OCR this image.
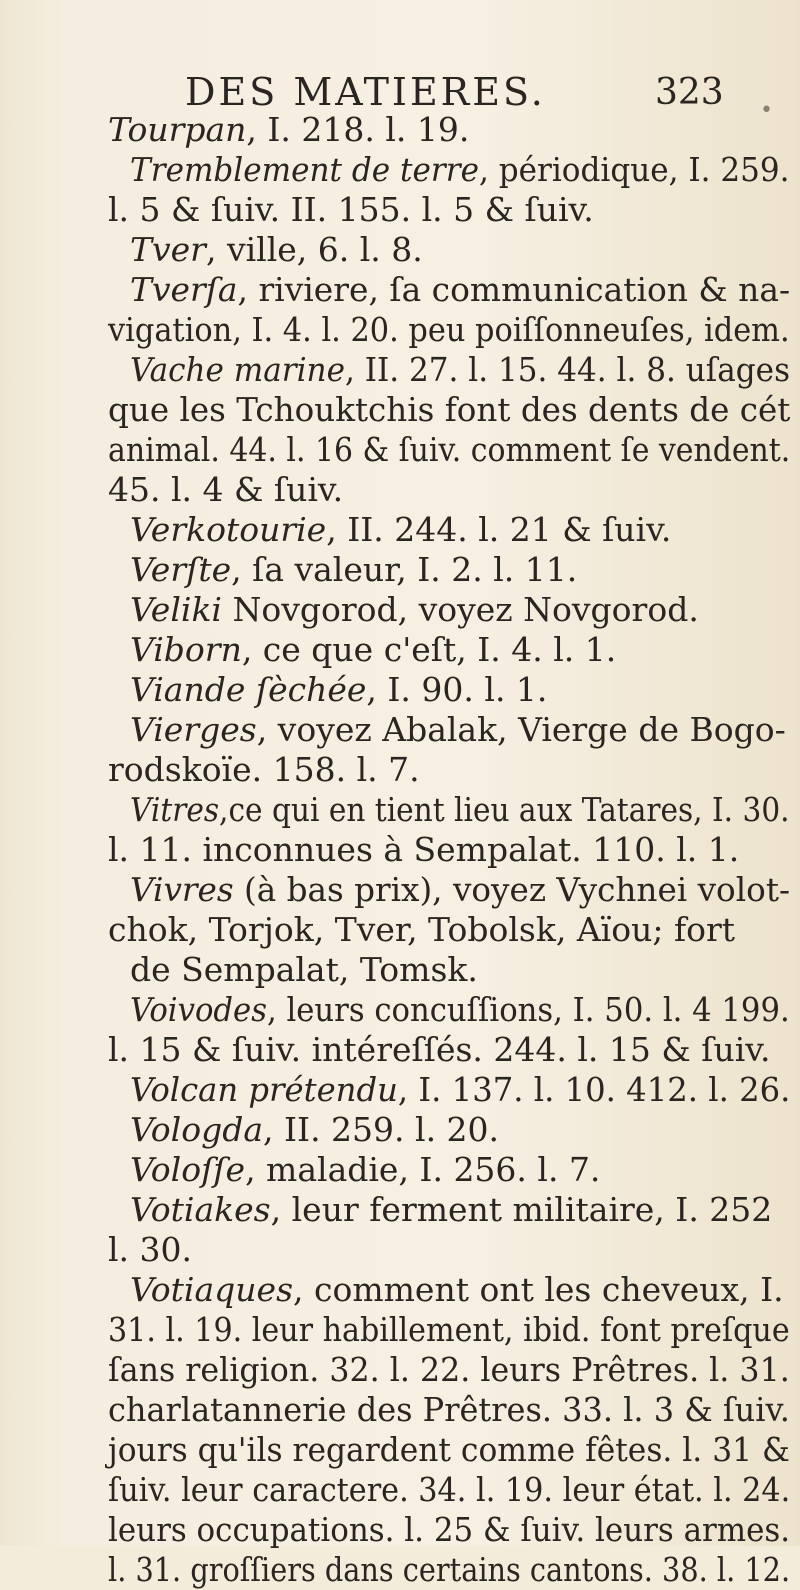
DES MATIERES.	323 •
Tourpan, I. 218. l. 19.
Tremblement de terre, périodique, I. 259.
l. 5 & ſuiv. II. 155. l. 5 & ſuiv.
Tver, ville, 6. l. 8.
Tverſa, riviere, ſa communication & na-
vigation, I. 4. l. 20. peu poiſſonneuſes, idem.
Vache marine, II. 27. l. 15. 44. l. 8. uſages
que les Tchouktchis font des dents de cét
animal. 44. l. 16 & ſuiv. comment ſe vendent.
45. l. 4 & ſuiv.
Verkotourie, II. 244. l. 21 & ſuiv.
Verſte, ſa valeur, I. 2. l. 11.
Veliki Novgorod, voyez Novgorod.
Viborn, ce que c'eſt, I. 4. l. 1.
Viande ſèchée, I. 90. l. 1.
Vierges, voyez Abalak, Vierge de Bogo-
rodskoïe. 158. l. 7.
Vitres,ce qui en tient lieu aux Tatares, I. 30.
l. 11. inconnues à Sempalat. 110. l. 1.
Vivres (à bas prix), voyez Vychnei volot-
chok, Torjok, Tver, Tobolsk, Aïou; fort
de Sempalat, Tomsk.
Voivodes, leurs concuſſions, I. 50. l. 4 199.
l. 15 & ſuiv. intéreſſés. 244. l. 15 & ſuiv.
Volcan prétendu, I. 137. l. 10. 412. l. 26.
Vologda, II. 259. l. 20.
Voloſſe, maladie, I. 256. l. 7.
Votiakes, leur ferment militaire, I. 252
l. 30.
Votiaques, comment ont les cheveux, I.
31. l. 19. leur habillement, ibid. font preſque
ſans religion. 32. l. 22. leurs Prêtres. l. 31.
charlatannerie des Prêtres. 33. l. 3 & ſuiv.
jours qu'ils regardent comme fêtes. l. 31 &
ſuiv. leur caractere. 34. l. 19. leur état. l. 24.
leurs occupations. l. 25 & ſuiv. leurs armes.
l. 31. groſſiers dans certains cantons. 38. l. 12.
